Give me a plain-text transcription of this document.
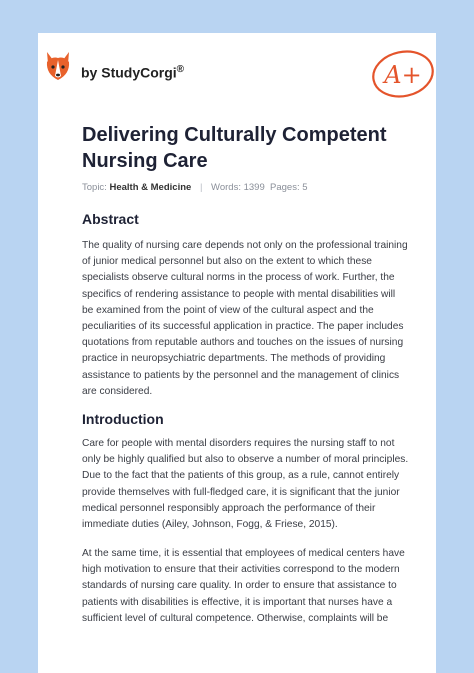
by StudyCorgi®	A+
Delivering Culturally Competent
Nursing Care
Topic: Health & Medicine | Words: 1399 Pages: 5
Abstract

The quality of nursing care depends not only on the professional training
of junior medical personnel but also on the extent to which these
specialists observe cultural norms in the process of work. Further, the
specifics of rendering assistance to people with mental disabilities will
be examined from the point of view of the cultural aspect and the
peculiarities of its successful application in practice. The paper includes
quotations from reputable authors and touches on the issues of nursing
practice in neuropsychiatric departments. The methods of providing
assistance to patients by the personnel and the management of clinics
are considered.

Introduction

Care for people with mental disorders requires the nursing staff to not
only be highly qualified but also to observe a number of moral principles.
Due to the fact that the patients of this group, as a rule, cannot entirely
provide themselves with full-fledged care, it is significant that the junior
medical personnel responsibly approach the performance of their
immediate duties (Ailey, Johnson, Fogg, & Friese, 2015).

At the same time, it is essential that employees of medical centers have
high motivation to ensure that their activities correspond to the modern
standards of nursing care quality. In order to ensure that assistance to
patients with disabilities is effective, it is important that nurses have a
sufficient level of cultural competence. Otherwise, complaints will be
